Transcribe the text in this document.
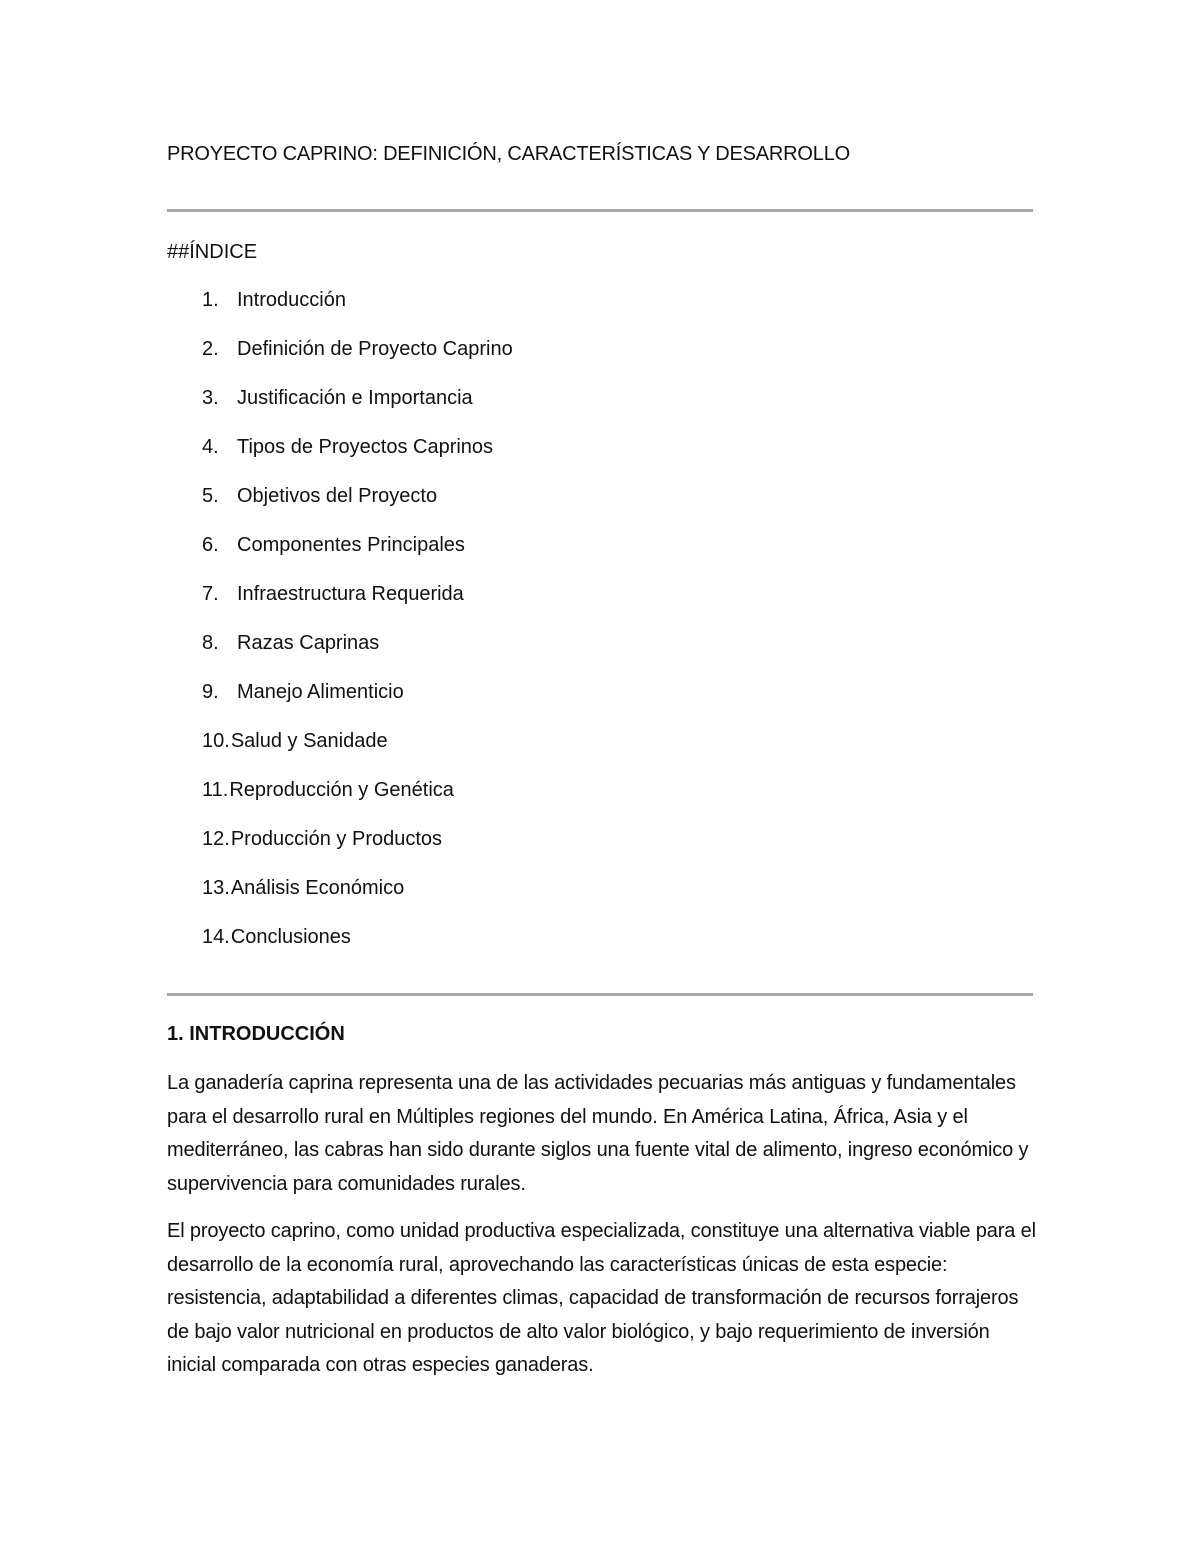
PROYECTO CAPRINO: DEFINICIÓN, CARACTERÍSTICAS Y DESARROLLO
##ÍNDICE
1. Introducción
2. Definición de Proyecto Caprino
3. Justificación e Importancia
4. Tipos de Proyectos Caprinos
5. Objetivos del Proyecto
6. Componentes Principales
7. Infraestructura Requerida
8. Razas Caprinas
9. Manejo Alimenticio
10. Salud y Sanidade
11. Reproducción y Genética
12. Producción y Productos
13. Análisis Económico
14. Conclusiones
1. INTRODUCCIÓN

La ganadería caprina representa una de las actividades pecuarias más antiguas y fundamentales para el desarrollo rural en Múltiples regiones del mundo. En América Latina, África, Asia y el mediterráneo, las cabras han sido durante siglos una fuente vital de alimento, ingreso económico y supervivencia para comunidades rurales.

El proyecto caprino, como unidad productiva especializada, constituye una alternativa viable para el desarrollo de la economía rural, aprovechando las características únicas de esta especie: resistencia, adaptabilidad a diferentes climas, capacidad de transformación de recursos forrajeros de bajo valor nutricional en productos de alto valor biológico, y bajo requerimiento de inversión inicial comparada con otras especies ganaderas.
